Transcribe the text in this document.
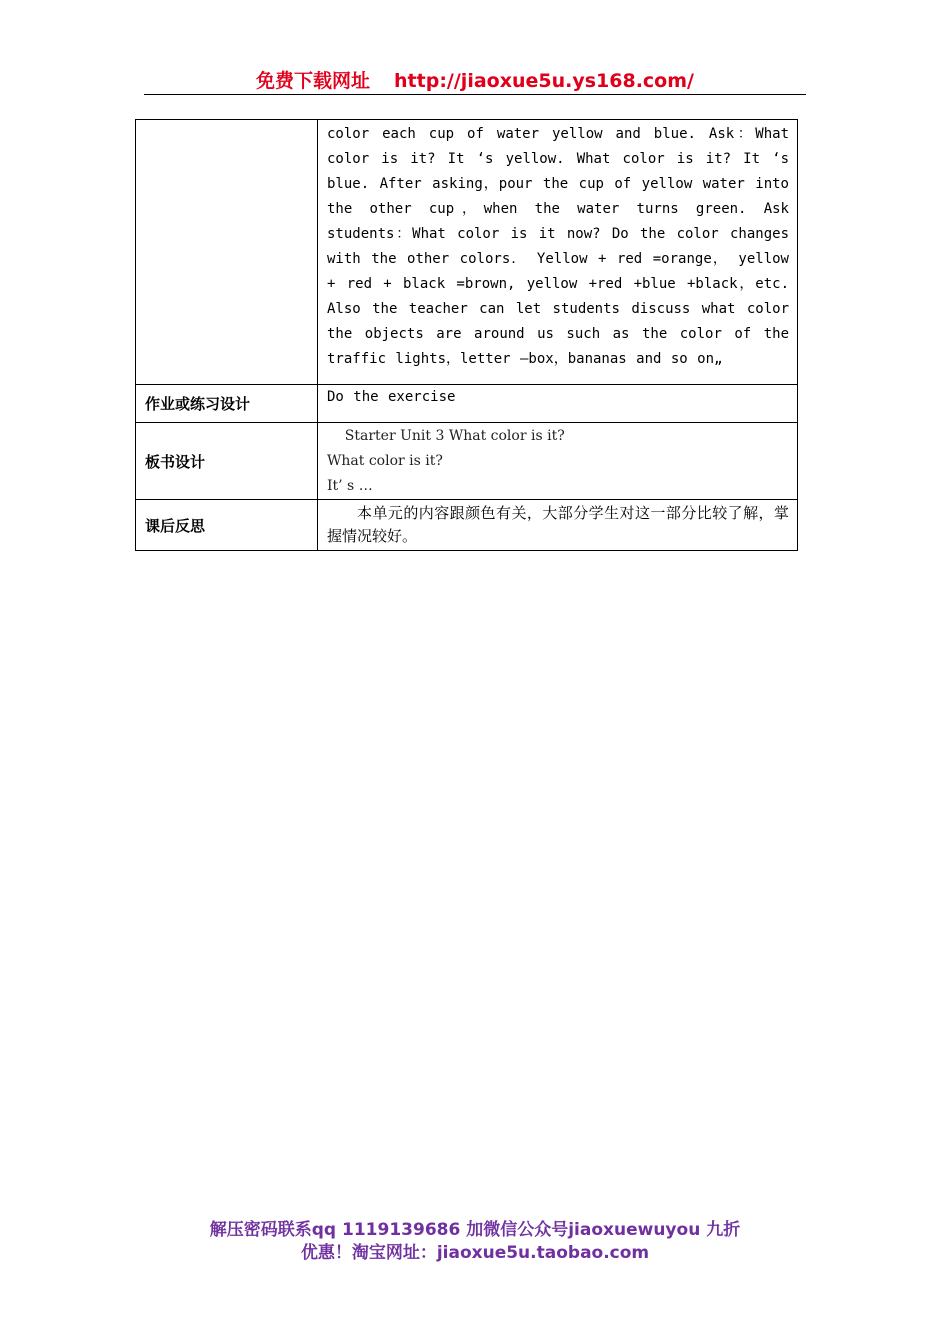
免费下载网址 http://jiaoxue5u.ys168.com/

	color each cup of water yellow and blue. Ask：What color is it? It ‘s yellow. What color is it? It ‘s blue. After asking，pour the cup of yellow water into the other cup，when the water turns green. Ask students：What color is it now? Do the color changes with the other colors． Yellow + red =orange， yellow + red + black =brown, yellow +red +blue +black，etc. Also the teacher can let students discuss what color the objects are around us such as the color of the traffic lights，letter —box，bananas and so on„

作业或练习设计	Do the exercise

板书设计	Starter Unit 3 What color is it?
What color is it?
It’ s …

课后反思	本单元的内容跟颜色有关，大部分学生对这一部分比较了解，掌握情况较好。
解压密码联系qq 1119139686 加微信公众号jiaoxuewuyou 九折
优惠！淘宝网址：jiaoxue5u.taobao.com
